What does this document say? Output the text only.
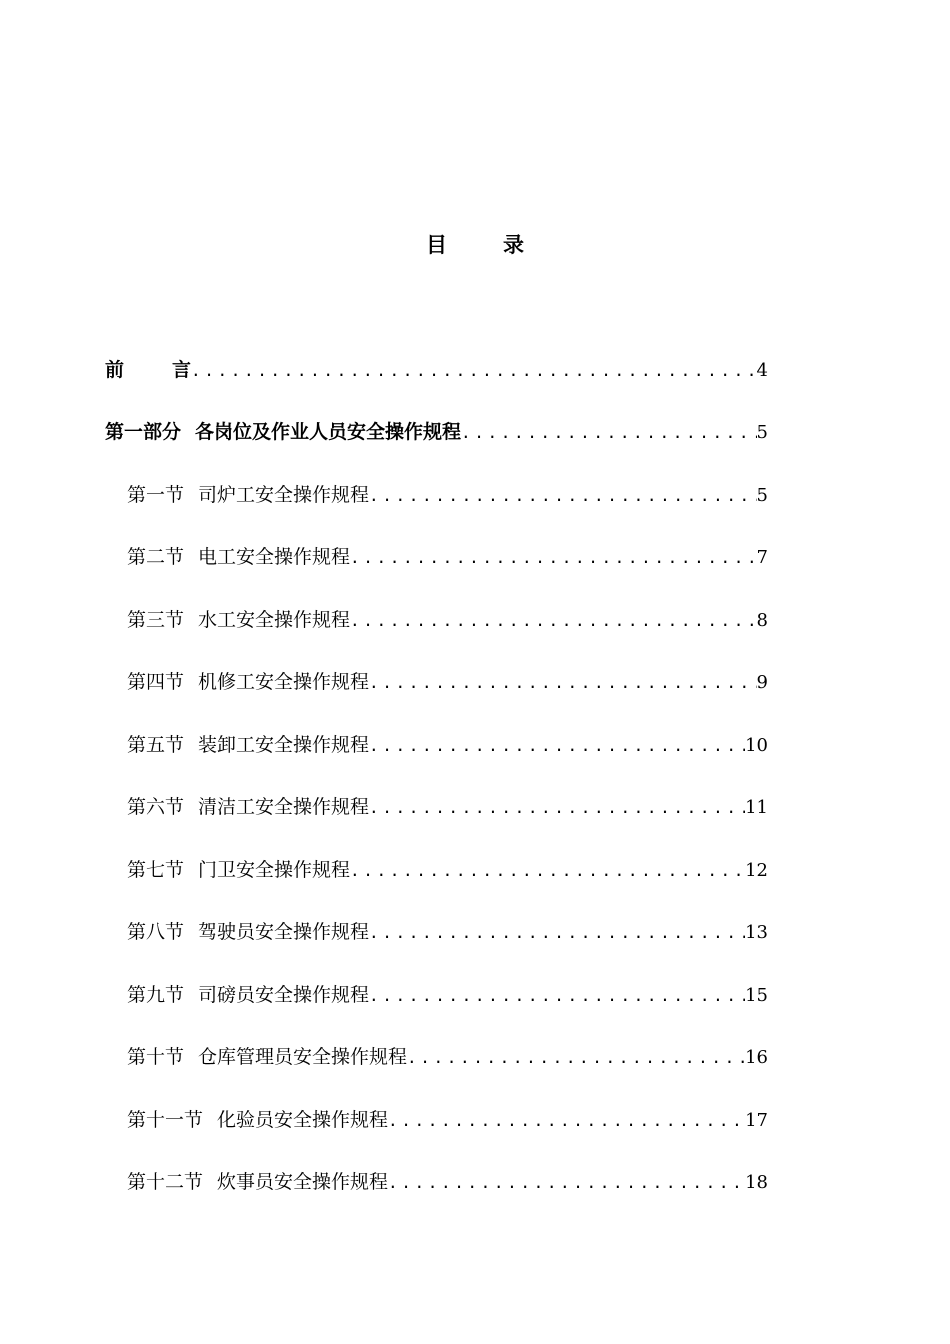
目	录
前	言 .....	4
第一部分 各岗位及作业人员安全操作规程 .....	5
第一节 司炉工安全操作规程 .....	5
第二节 电工安全操作规程 .....	7
第三节 水工安全操作规程 .....	8
第四节 机修工安全操作规程 .....	9
第五节 装卸工安全操作规程 .....	10
第六节 清洁工安全操作规程 .....	11
第七节 门卫安全操作规程 .....	12
第八节 驾驶员安全操作规程 .....	13
第九节 司磅员安全操作规程 .....	15
第十节 仓库管理员安全操作规程 .....	16
第十一节 化验员安全操作规程 .....	17
第十二节 炊事员安全操作规程 .....	18
